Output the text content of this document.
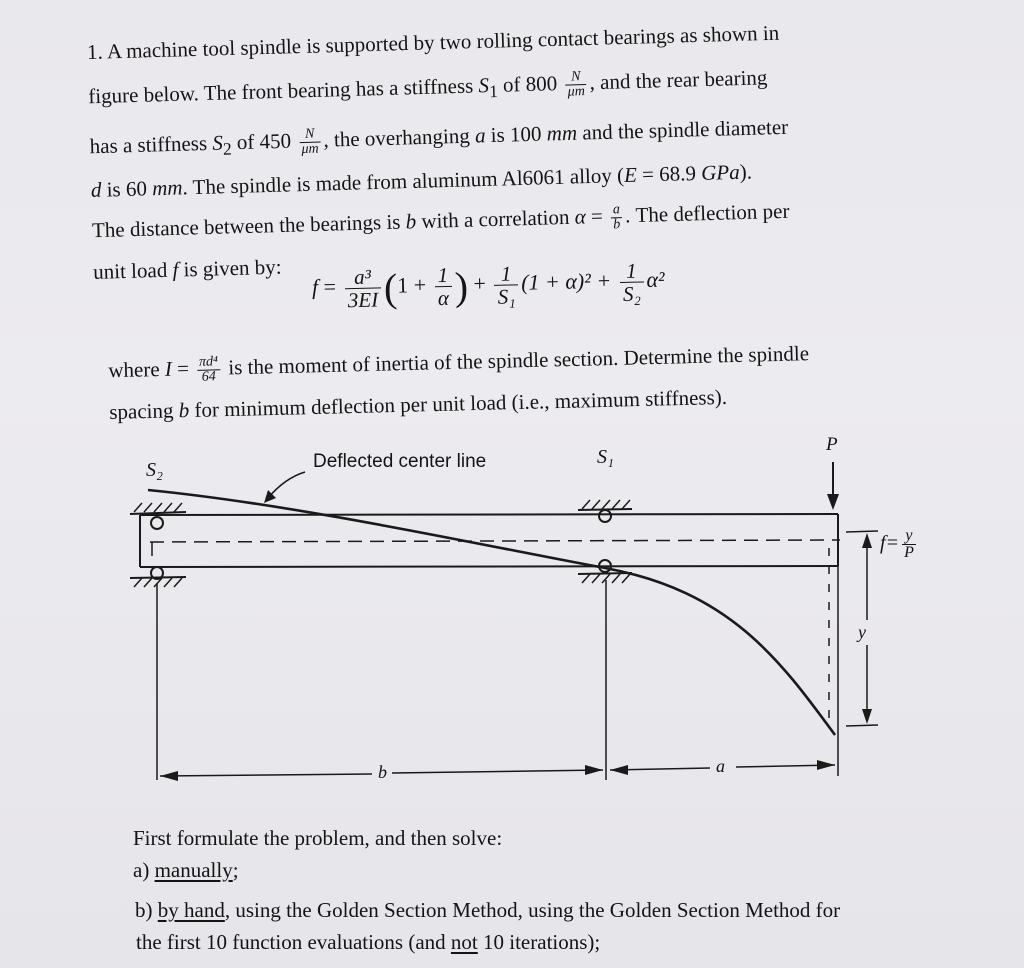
1. A machine tool spindle is supported by two rolling contact bearings as shown in
figure below. The front bearing has a stiffness $S_1$ of $800 \frac{N}{\mu m}$ , and the rear bearing
has a stiffness $S_2$ of $450 \frac{N}{\mu m}$ , the overhanging a is 100 mm and the spindle diameter
d is 60 mm. The spindle is made from aluminum Al6061 alloy (E = 68.9 GPa).
The distance between the bearings is b with a correlation $\alpha = \frac{a}{b}$ . The deflection per
unit load f is given by:
$f = \frac{\text{a³}}{3EI} (1 + \frac{1}{\alpha}$ ) + $\frac{1}{\text{S₁}} (1 + \alpha)^2 + \frac{1}{\text{S₂}} \alpha^2$
where $I = \frac{\text{πd⁴}}{64}$ is the moment of inertia of the spindle section. Determine the spindle
spacing b for minimum deflection per unit load (i.e., maximum stiffness).
S₂	Deflected center line	S₁
P
$f= \frac{y}{P}$
y
b	a
First formulate the problem, and then solve:
a) manually;
b) by hand, using the Golden Section Method, using the Golden Section Method for
the first 10 function evaluations (and not 10 iterations);
